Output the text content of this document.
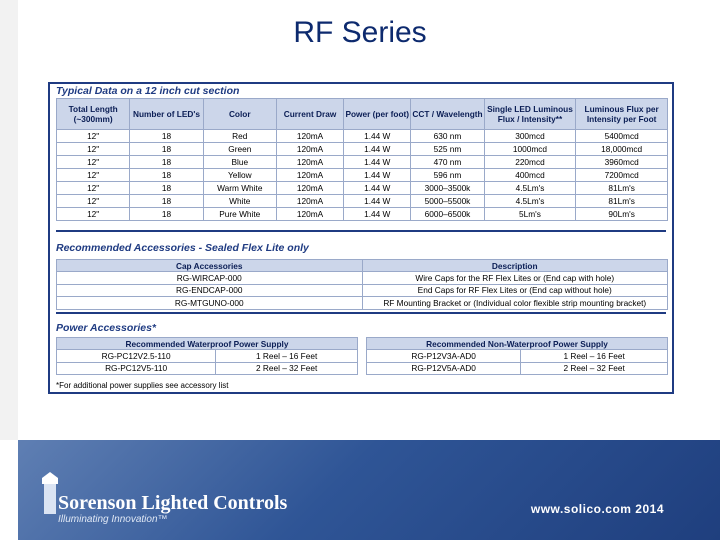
RF Series
Typical Data on a 12 inch cut section
Total Length (~300mm)	Number of LED's	Color	Current Draw	Power (per foot)	CCT / Wavelength	Single LED Luminous Flux / Intensity**	Luminous Flux per Intensity per Foot
12"	18	Red	120mA	1.44 W	630 nm	300mcd	5400mcd
12"	18	Green	120mA	1.44 W	525 nm	1000mcd	18,000mcd
12"	18	Blue	120mA	1.44 W	470 nm	220mcd	3960mcd
12"	18	Yellow	120mA	1.44 W	596 nm	400mcd	7200mcd
12"	18	Warm White	120mA	1.44 W	3000–3500k	4.5Lm's	81Lm's
12"	18	White	120mA	1.44 W	5000–5500k	4.5Lm's	81Lm's
12"	18	Pure White	120mA	1.44 W	6000–6500k	5Lm's	90Lm's
Recommended Accessories - Sealed Flex Lite only
Cap Accessories	Description
RG-WIRCAP-000	Wire Caps for the RF Flex Lites or (End cap with hole)
RG-ENDCAP-000	End Caps for RF Flex Lites or (End cap without hole)
RG-MTGUNO-000	RF Mounting Bracket or (Individual color flexible strip mounting bracket)
Power Accessories*
Recommended Waterproof Power Supply	
RG-PC12V2.5-110	1 Reel – 16 Feet
RG-PC12V5-110	2 Reel – 32 Feet
Recommended Non-Waterproof Power Supply	
RG-P12V3A-AD0	1 Reel – 16 Feet
RG-P12V5A-AD0	2 Reel – 32 Feet
*For additional power supplies see accessory list
Sorenson Lighted Controls
Illuminating Innovation™
www.solico.com 2014
